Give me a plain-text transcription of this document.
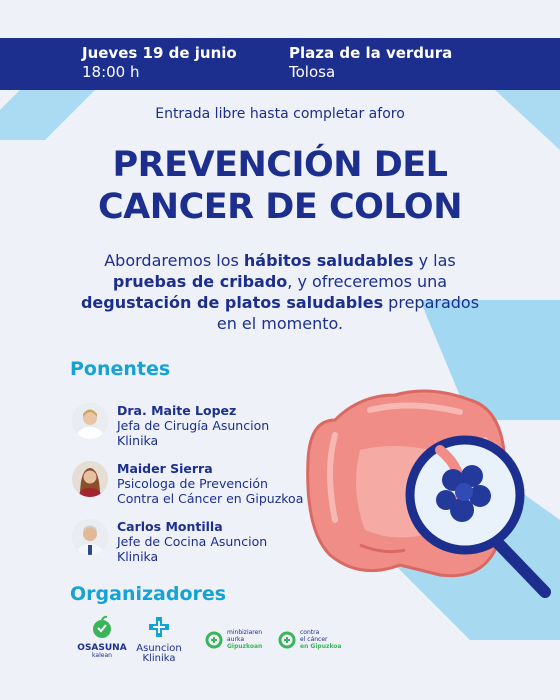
Jueves 19 de junio
18:00 h
Plaza de la verdura
Tolosa
Entrada libre hasta completar aforo
PREVENCIÓN DEL
CANCER DE COLON

Abordaremos los hábitos saludables y las pruebas de cribado, y ofreceremos una degustación de platos saludables preparados en el momento.

Ponentes
Dra. Maite Lopez
Jefa de Cirugía Asuncion Klinika
Maider Sierra
Psicologa de Prevención Contra el Cáncer en Gipuzkoa
Carlos Montilla
Jefe de Cocina Asuncion Klinika
Organizadores
OSASUNA
kalean
Asuncion
Klinika
minbiziaren
aurka
Gipuzkoan
contra
el cáncer
en Gipuzkoa
